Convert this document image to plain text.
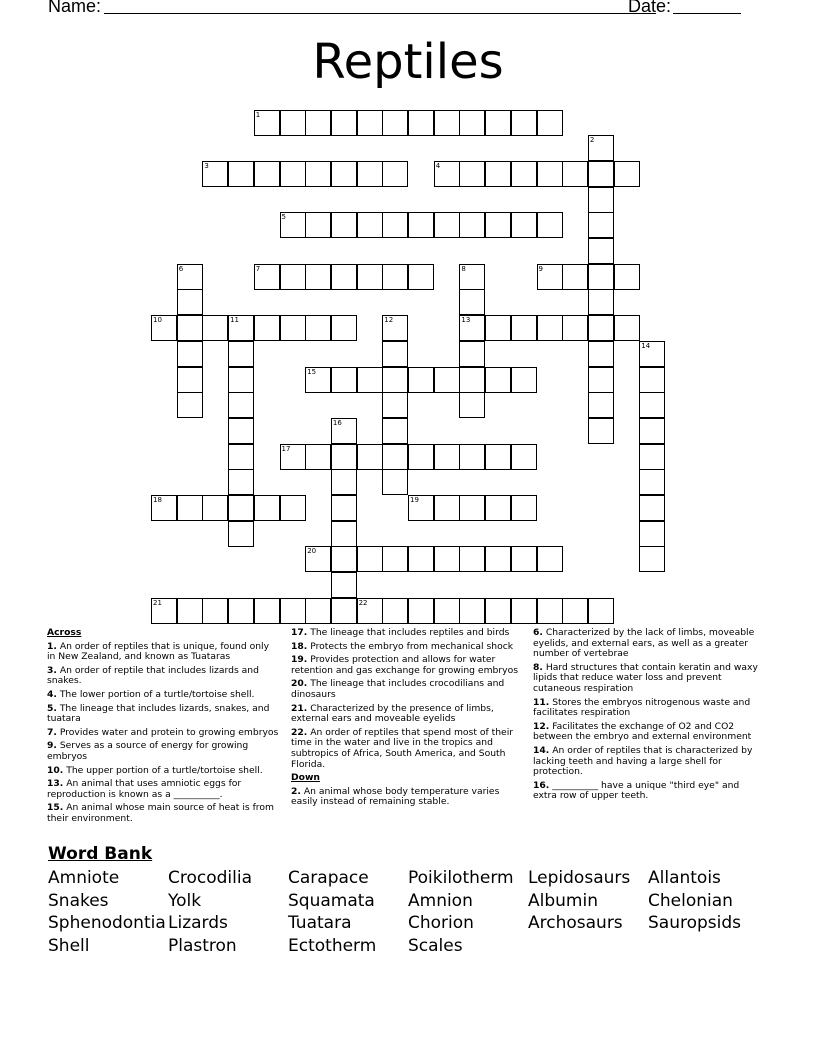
Name:	Date:
Reptiles
1
2
3	4
5
6	7	8
13
9
10	11	12
14
15
16
17
18	19
20
21	22

Across

1. An order of reptiles that is unique, found only in New Zealand, and known as Tuataras

3. An order of reptile that includes lizards and snakes.

4. The lower portion of a turtle/tortoise shell.

5. The lineage that includes lizards, snakes, and tuatara

7. Provides water and protein to growing embryos

9. Serves as a source of energy for growing embryos

10. The upper portion of a turtle/tortoise shell.

13. An animal that uses amniotic eggs for reproduction is known as a __________.

15. An animal whose main source of heat is from their environment.

17. The lineage that includes reptiles and birds

18. Protects the embryo from mechanical shock

19. Provides protection and allows for water retention and gas exchange for growing embryos

20. The lineage that includes crocodilians and dinosaurs

21. Characterized by the presence of limbs, external ears and moveable eyelids

22. An order of reptiles that spend most of their time in the water and live in the tropics and subtropics of Africa, South America, and South Florida.

Down

2. An animal whose body temperature varies easily instead of remaining stable.

6. Characterized by the lack of limbs, moveable eyelids, and external ears, as well as a greater number of vertebrae

8. Hard structures that contain keratin and waxy lipids that reduce water loss and prevent cutaneous respiration

11. Stores the embryos nitrogenous waste and facilitates respiration

12. Facilitates the exchange of O2 and CO2 between the embryo and external environment

14. An order of reptiles that is characterized by lacking teeth and having a large shell for protection.

16. __________ have a unique "third eye" and extra row of upper teeth.

Word Bank
Amniote	Crocodilia	Carapace	Poikilotherm Lepidosaurs	Allantois
Snakes	Yolk	Squamata	Amnion	Albumin	Chelonian
Sphenodontia Lizards	Tuatara	Chorion	Archosaurs	Sauropsids
Shell	Plastron	Ectotherm	Scales
